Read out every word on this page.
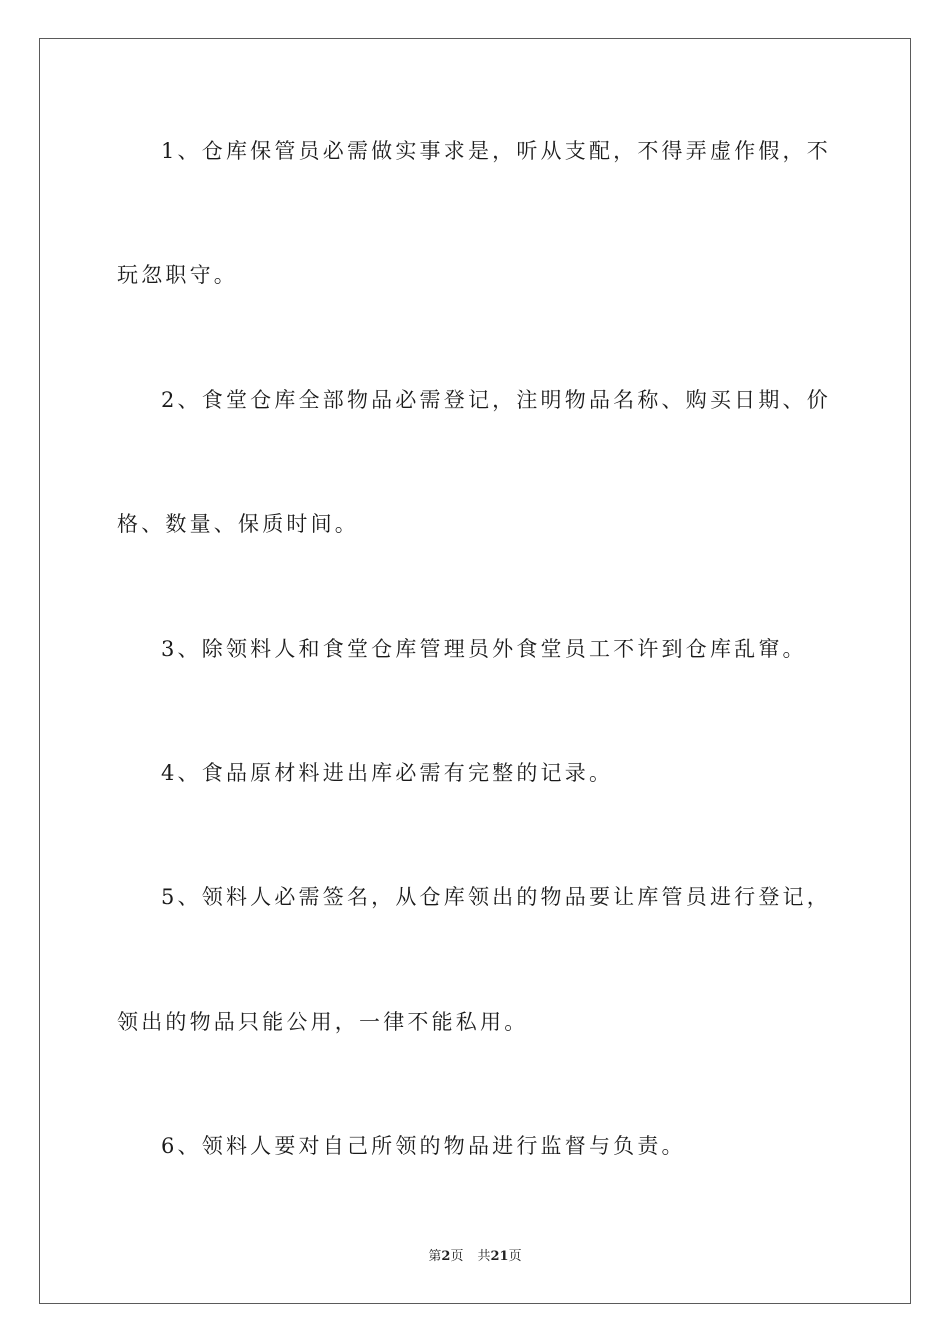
1、仓库保管员必需做实事求是，听从支配，不得弄虚作假，不
玩忽职守。
2、食堂仓库全部物品必需登记，注明物品名称、购买日期、价
格、数量、保质时间。
3、除领料人和食堂仓库管理员外食堂员工不许到仓库乱窜。
4、食品原材料进出库必需有完整的记录。
5、领料人必需签名，从仓库领出的物品要让库管员进行登记，
领出的物品只能公用，一律不能私用。
6、领料人要对自己所领的物品进行监督与负责。
第2页 共21页
